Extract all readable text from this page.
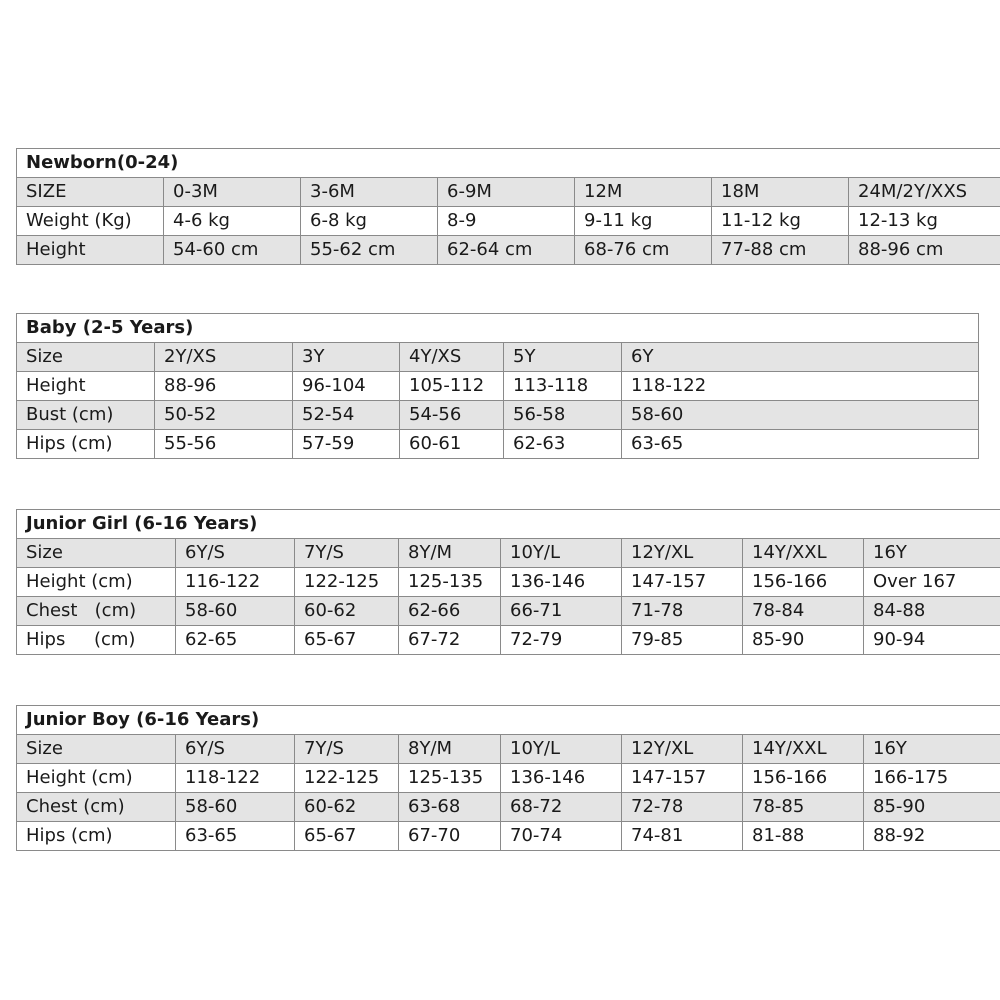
Newborn(0-24)						
SIZE	0-3M	3-6M	6-9M	12M	18M	24M/2Y/XXS
Weight (Kg)	4-6 kg	6-8 kg	8-9	9-11 kg	11-12 kg	12-13 kg
Height	54-60 cm	55-62 cm	62-64 cm	68-76 cm	77-88 cm	88-96 cm
Baby (2-5 Years)					
Size	2Y/XS	3Y	4Y/XS	5Y	6Y
Height	88-96	96-104	105-112	113-118	118-122
Bust (cm)	50-52	52-54	54-56	56-58	58-60
Hips (cm)	55-56	57-59	60-61	62-63	63-65
Junior Girl (6-16 Years)							
Size	6Y/S	7Y/S	8Y/M	10Y/L	12Y/XL	14Y/XXL	16Y
Height (cm)	116-122	122-125	125-135	136-146	147-157	156-166	Over 167
Chest   (cm)	58-60	60-62	62-66	66-71	71-78	78-84	84-88
Hips     (cm)	62-65	65-67	67-72	72-79	79-85	85-90	90-94
Junior Boy (6-16 Years)							
Size	6Y/S	7Y/S	8Y/M	10Y/L	12Y/XL	14Y/XXL	16Y
Height (cm)	118-122	122-125	125-135	136-146	147-157	156-166	166-175
Chest (cm)	58-60	60-62	63-68	68-72	72-78	78-85	85-90
Hips (cm)	63-65	65-67	67-70	70-74	74-81	81-88	88-92
